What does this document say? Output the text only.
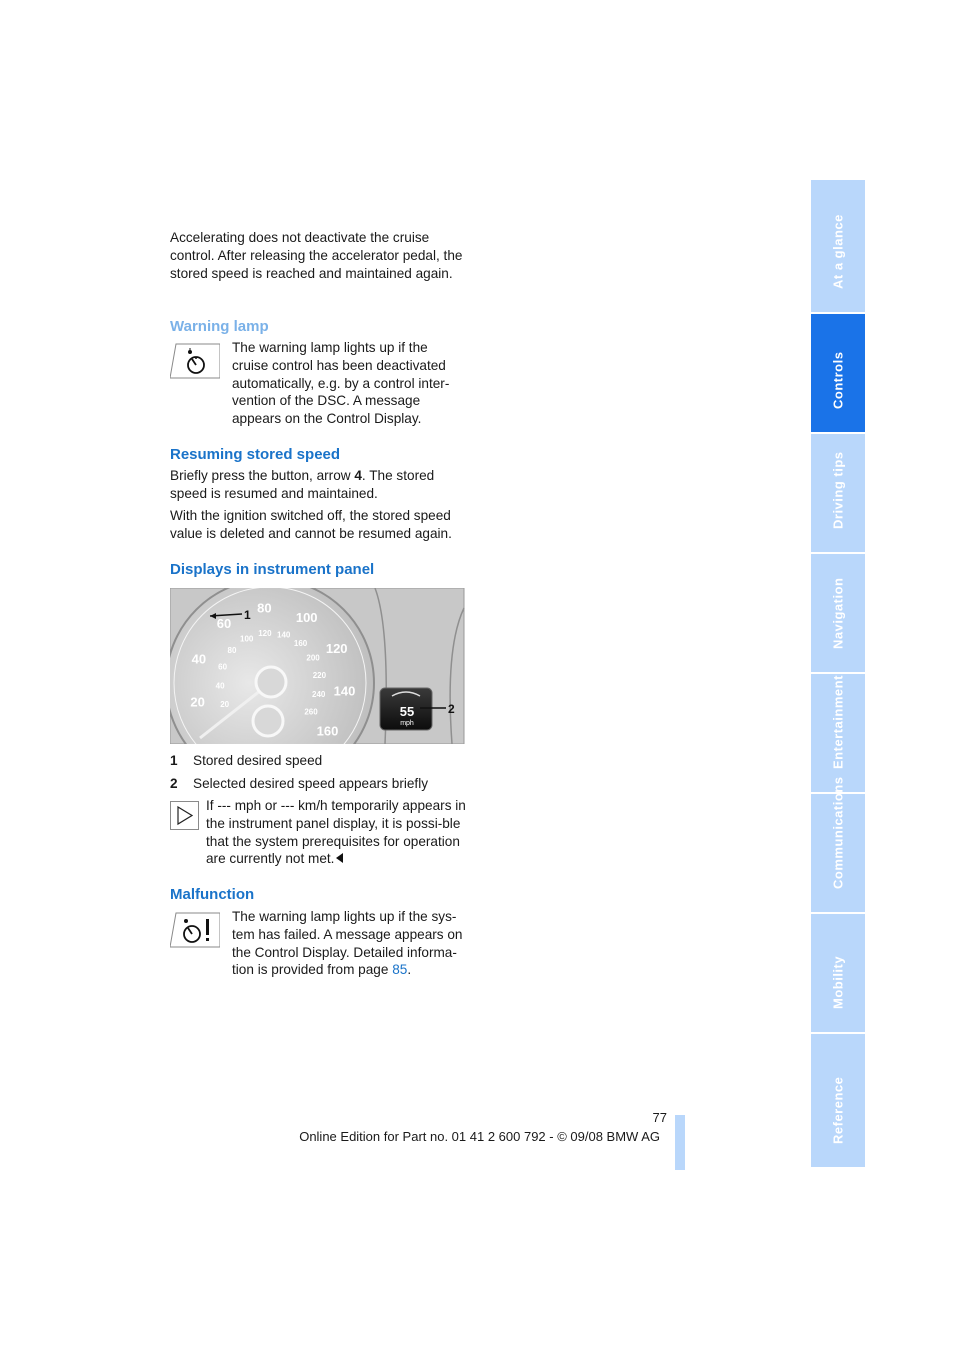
Accelerating does not deactivate the cruise control. After releasing the accelerator pedal, the stored speed is reached and maintained again.

Warning lamp

The warning lamp lights up if the cruise control has been deactivated automatically, e.g. by a control inter-vention of the DSC. A message appears on the Control Display.

Resuming stored speed

Briefly press the button, arrow 4. The stored speed is resumed and maintained.

With the ignition switched off, the stored speed value is deleted and cannot be resumed again.

Displays in instrument panel
20
40
60
80
100
120
140
160
20
40
60
80
100
120 140
160
200
220
240
260	55
mph
1
2
1 Stored desired speed
2 Selected desired speed appears briefly

If --- mph or --- km/h temporarily appears in the instrument panel display, it is possi-ble that the system prerequisites for operation are currently not met.

Malfunction

The warning lamp lights up if the sys-tem has failed. A message appears on the Control Display. Detailed informa-tion is provided from page 85.

At a glance
Controls
Driving tips
Navigation
Entertainment
Communications
Mobility
Reference
77
Online Edition for Part no. 01 41 2 600 792 - © 09/08 BMW AG
